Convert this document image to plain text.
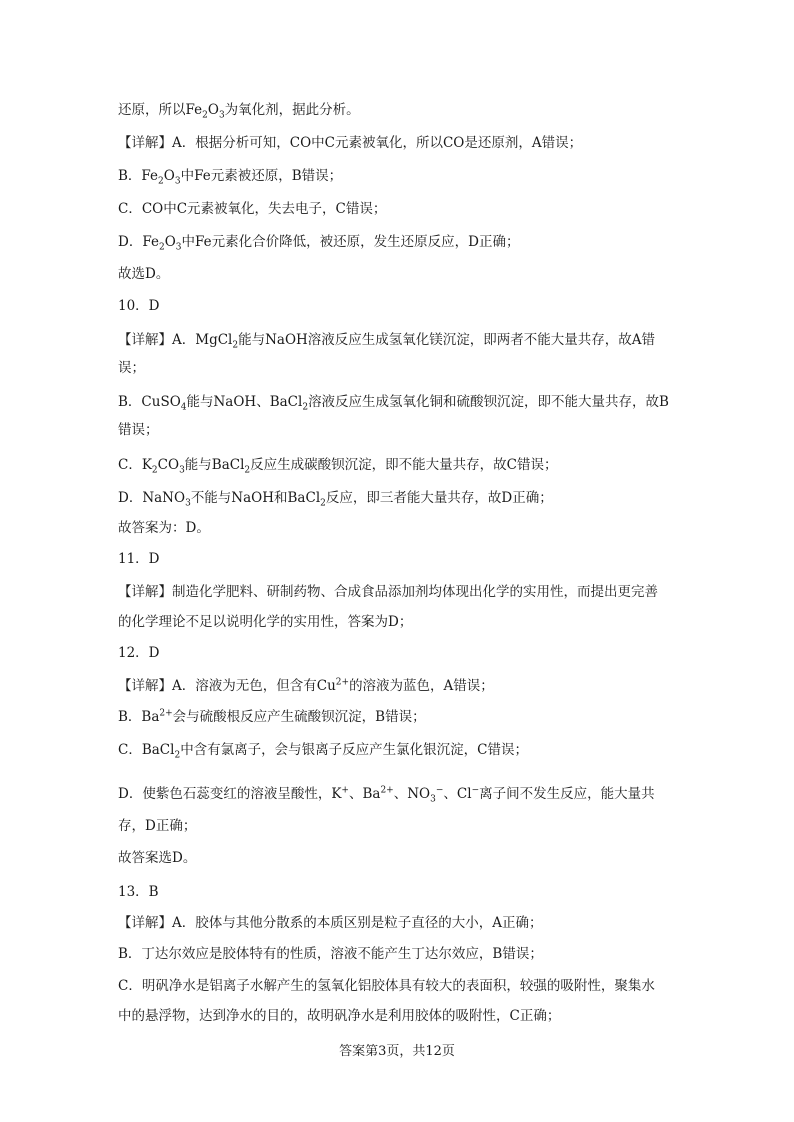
还原，所以$Fe_2O_3$为氧化剂，据此分析。
【详解】A．根据分析可知，CO中C元素被氧化，所以CO是还原剂，A错误；
B．$Fe_2O_3$中Fe元素被还原，B错误；
C．CO中C元素被氧化，失去电子，C错误；
D．$Fe_2O_3$中Fe元素化合价降低，被还原，发生还原反应，D正确；
故选D。
10．D
【详解】A．MgCl$_2$能与NaOH溶液反应生成氢氧化镁沉淀，即两者不能大量共存，故A错
误；
B．CuSO$_4$能与NaOH、BaCl$_2$溶液反应生成氢氧化铜和硫酸钡沉淀，即不能大量共存，故B
错误；
C．$K_2CO_3$能与BaCl$_2$反应生成碳酸钡沉淀，即不能大量共存，故C错误；
D．NaNO$_3$不能与NaOH和BaCl$_2$反应，即三者能大量共存，故D正确；
故答案为：D。
11．D
【详解】制造化学肥料、研制药物、合成食品添加剂均体现出化学的实用性，而提出更完善
的化学理论不足以说明化学的实用性，答案为D；
12．D
【详解】A．溶液为无色，但含有$Cu^{2+}$的溶液为蓝色，A错误；
B．$Ba^{2+}$会与硫酸根反应产生硫酸钡沉淀，B错误；
C．BaCl$_2$中含有氯离子，会与银离子反应产生氯化银沉淀，C错误；
D．使紫色石蕊变红的溶液呈酸性，K+、$Ba^{2+}$、$NO_3^-$、Cl−离子间不发生反应，能大量共
存，D正确；
故答案选D。
13．B
【详解】A．胶体与其他分散系的本质区别是粒子直径的大小，A正确；
B．丁达尔效应是胶体特有的性质，溶液不能产生丁达尔效应，B错误；
C．明矾净水是铝离子水解产生的氢氧化铝胶体具有较大的表面积，较强的吸附性，聚集水
中的悬浮物，达到净水的目的，故明矾净水是利用胶体的吸附性，C正确；
答案第3页，共12页
